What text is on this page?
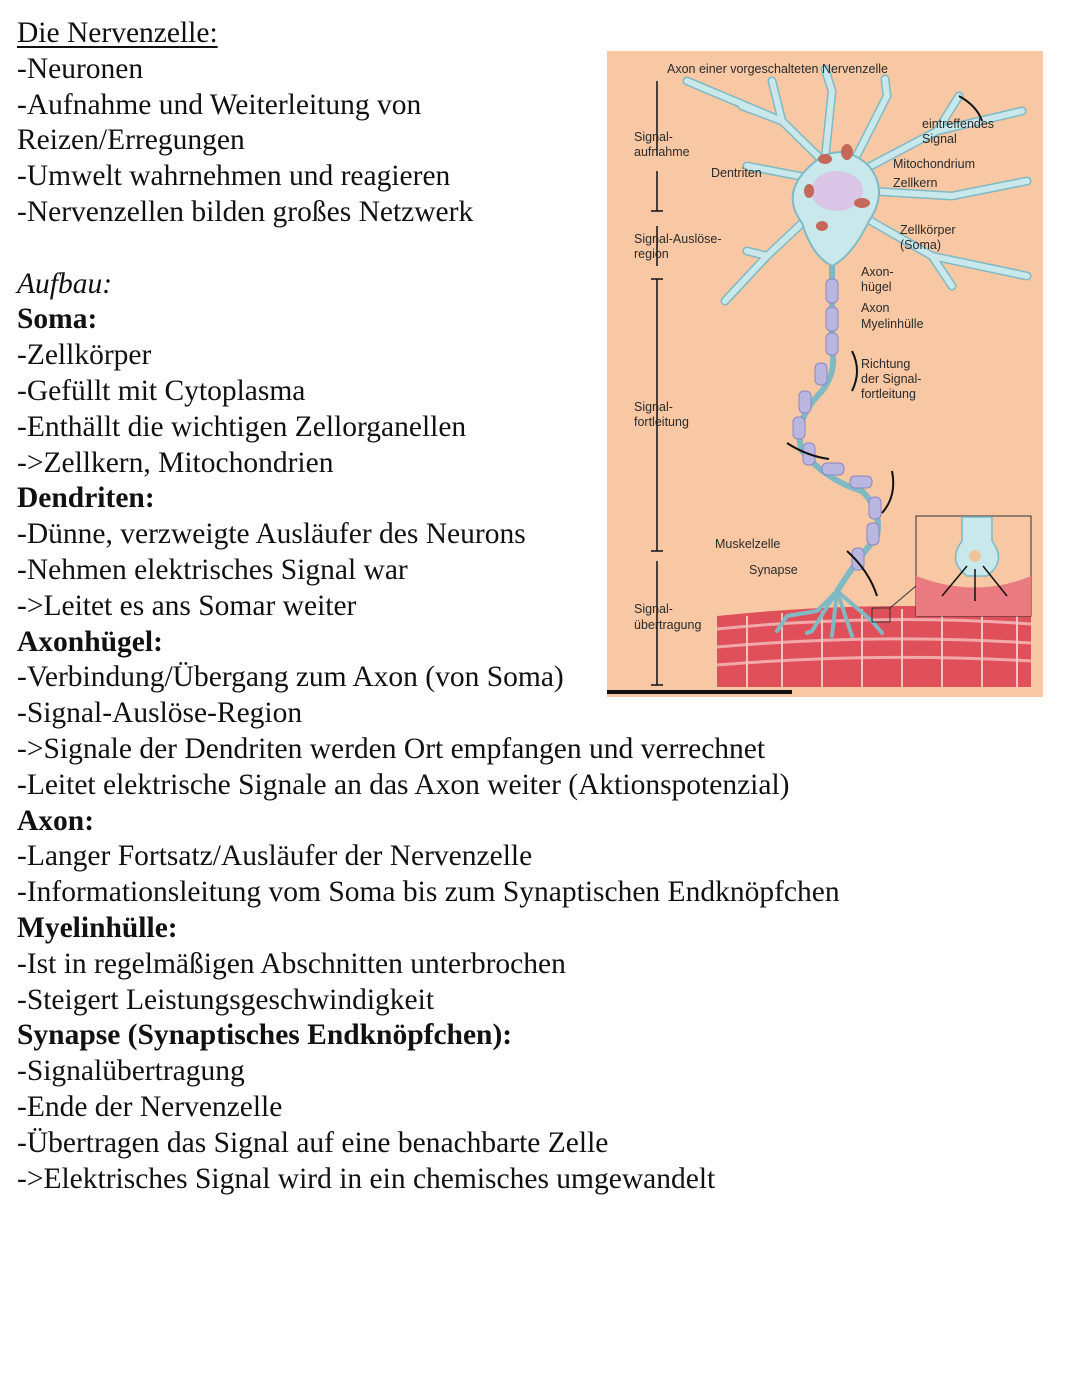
Die Nervenzelle:
-Neuronen
-Aufnahme und Weiterleitung von
Reizen/Erregungen
-Umwelt wahrnehmen und reagieren
-Nervenzellen bilden großes Netzwerk
Aufbau:
Soma:
-Zellkörper
-Gefüllt mit Cytoplasma
-Enthällt die wichtigen Zellorganellen
->Zellkern, Mitochondrien
Dendriten:
-Dünne, verzweigte Ausläufer des Neurons
-Nehmen elektrisches Signal war
->Leitet es ans Somar weiter
Axonhügel:
-Verbindung/Übergang zum Axon (von Soma)
-Signal-Auslöse-Region
->Signale der Dendriten werden Ort empfangen und verrechnet
-Leitet elektrische Signale an das Axon weiter (Aktionspotenzial)
Axon:
-Langer Fortsatz/Ausläufer der Nervenzelle
-Informationsleitung vom Soma bis zum Synaptischen Endknöpfchen
Myelinhülle:
-Ist in regelmäßigen Abschnitten unterbrochen
-Steigert Leistungsgeschwindigkeit
Synapse (Synaptisches Endknöpfchen):
-Signalübertragung
-Ende der Nervenzelle
-Übertragen das Signal auf eine benachbarte Zelle
->Elektrisches Signal wird in ein chemisches umgewandelt
Axon einer vorgeschalteten Nervenzelle
eintreffendes
Signal
Signal-
aufnahme
Dentriten
Mitochondrium
Zellkern
Zellkörper
(Soma)
Signal-Auslöse-
region
Axon-
hügel
Axon
Myelinhülle
Richtung
der Signal-
fortleitung
Signal-
fortleitung
Muskelzelle
Synapse
Signal-
übertragung
